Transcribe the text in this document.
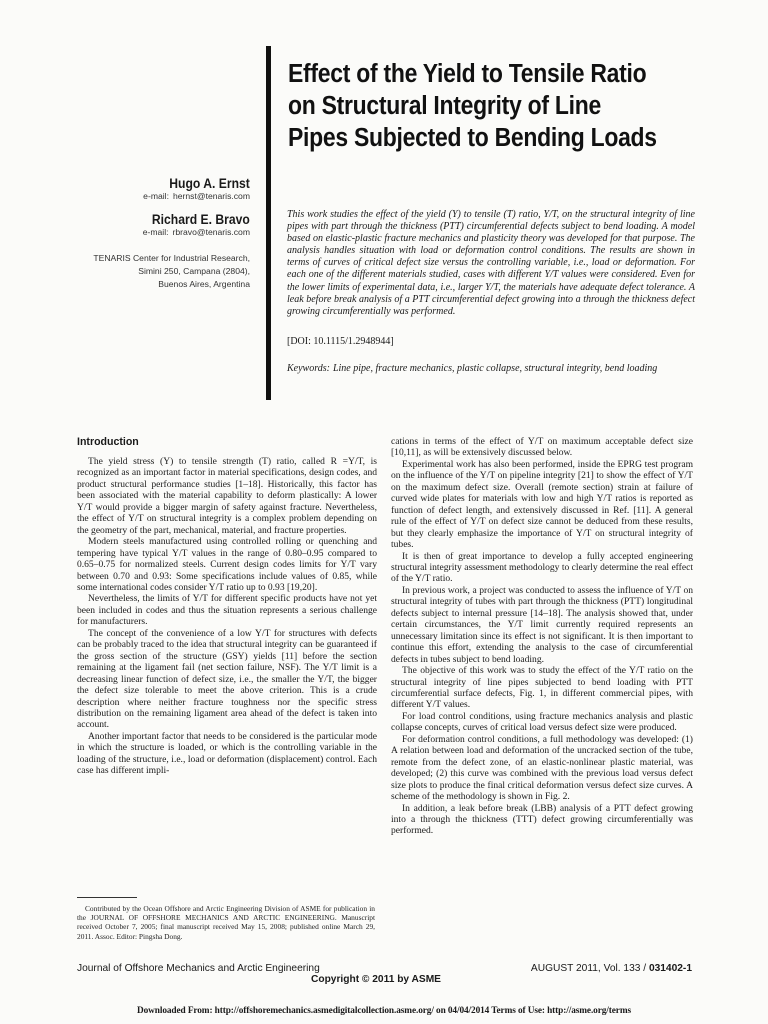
Effect of the Yield to Tensile Ratio on Structural Integrity of Line Pipes Subjected to Bending Loads
Hugo A. Ernst
e-mail: hernst@tenaris.com
Richard E. Bravo
e-mail: rbravo@tenaris.com
TENARIS Center for Industrial Research,
Simini 250, Campana (2804),
Buenos Aires, Argentina

This work studies the effect of the yield (Y) to tensile (T) ratio, Y/T, on the structural integrity of line pipes with part through the thickness (PTT) circumferential defects subject to bend loading. A model based on elastic-plastic fracture mechanics and plasticity theory was developed for that purpose. The analysis handles situation with load or deformation control conditions. The results are shown in terms of curves of critical defect size versus the controlling variable, i.e., load or deformation. For each one of the different materials studied, cases with different Y/T values were considered. Even for the lower limits of experimental data, i.e., larger Y/T, the materials have adequate defect tolerance. A leak before break analysis of a PTT circumferential defect growing into a through the thickness defect growing circumferentially was performed.

[DOI: 10.1115/1.2948944]

Keywords: Line pipe, fracture mechanics, plastic collapse, structural integrity, bend loading

Introduction

The yield stress (Y) to tensile strength (T) ratio, called R =Y/T, is recognized as an important factor in material specifications, design codes, and product structural performance studies [1–18]. Historically, this factor has been associated with the material capability to deform plastically: A lower Y/T would provide a bigger margin of safety against fracture. Nevertheless, the effect of Y/T on structural integrity is a complex problem depending on the geometry of the part, mechanical, material, and fracture properties.

Modern steels manufactured using controlled rolling or quenching and tempering have typical Y/T values in the range of 0.80–0.95 compared to 0.65–0.75 for normalized steels. Current design codes limits for Y/T vary between 0.70 and 0.93: Some specifications include values of 0.85, while some international codes consider Y/T ratio up to 0.93 [19,20].

Nevertheless, the limits of Y/T for different specific products have not yet been included in codes and thus the situation represents a serious challenge for manufacturers.

The concept of the convenience of a low Y/T for structures with defects can be probably traced to the idea that structural integrity can be guaranteed if the gross section of the structure (GSY) yields [11] before the section remaining at the ligament fail (net section failure, NSF). The Y/T limit is a decreasing linear function of defect size, i.e., the smaller the Y/T, the bigger the defect size tolerable to meet the above criterion. This is a crude description where neither fracture toughness nor the specific stress distribution on the remaining ligament area ahead of the defect is taken into account.

Another important factor that needs to be considered is the particular mode in which the structure is loaded, or which is the controlling variable in the loading of the structure, i.e., load or deformation (displacement) control. Each case has different impli-

cations in terms of the effect of Y/T on maximum acceptable defect size [10,11], as will be extensively discussed below.

Experimental work has also been performed, inside the EPRG test program on the influence of the Y/T on pipeline integrity [21] to show the effect of Y/T on the maximum defect size. Overall (remote section) strain at failure of curved wide plates for materials with low and high Y/T ratios is reported as function of defect length, and extensively discussed in Ref. [11]. A general rule of the effect of Y/T on defect size cannot be deduced from these results, but they clearly emphasize the importance of Y/T on structural integrity of tubes.

It is then of great importance to develop a fully accepted engineering structural integrity assessment methodology to clearly determine the real effect of the Y/T ratio.

In previous work, a project was conducted to assess the influence of Y/T on structural integrity of tubes with part through the thickness (PTT) longitudinal defects subject to internal pressure [14–18]. The analysis showed that, under certain circumstances, the Y/T limit currently required represents an unnecessary limitation since its effect is not significant. It is then important to continue this effort, extending the analysis to the case of circumferential defects in tubes subject to bend loading.

The objective of this work was to study the effect of the Y/T ratio on the structural integrity of line pipes subjected to bend loading with PTT circumferential surface defects, Fig. 1, in different commercial pipes, with different Y/T values.

For load control conditions, using fracture mechanics analysis and plastic collapse concepts, curves of critical load versus defect size were produced.

For deformation control conditions, a full methodology was developed: (1) A relation between load and deformation of the uncracked section of the tube, remote from the defect zone, of an elastic-nonlinear plastic material, was developed; (2) this curve was combined with the previous load versus defect size plots to produce the final critical deformation versus defect size curves. A scheme of the methodology is shown in Fig. 2.

In addition, a leak before break (LBB) analysis of a PTT defect growing into a through the thickness (TTT) defect growing circumferentially was performed.

Contributed by the Ocean Offshore and Arctic Engineering Division of ASME for publication in the JOURNAL OF OFFSHORE MECHANICS AND ARCTIC ENGINEERING. Manuscript received October 7, 2005; final manuscript received May 15, 2008; published online March 29, 2011. Assoc. Editor: Pingsha Dong.

Journal of Offshore Mechanics and Arctic Engineering
Copyright © 2011 by ASME
AUGUST 2011, Vol. 133 / 031402-1
Downloaded From: http://offshoremechanics.asmedigitalcollection.asme.org/ on 04/04/2014 Terms of Use: http://asme.org/terms
